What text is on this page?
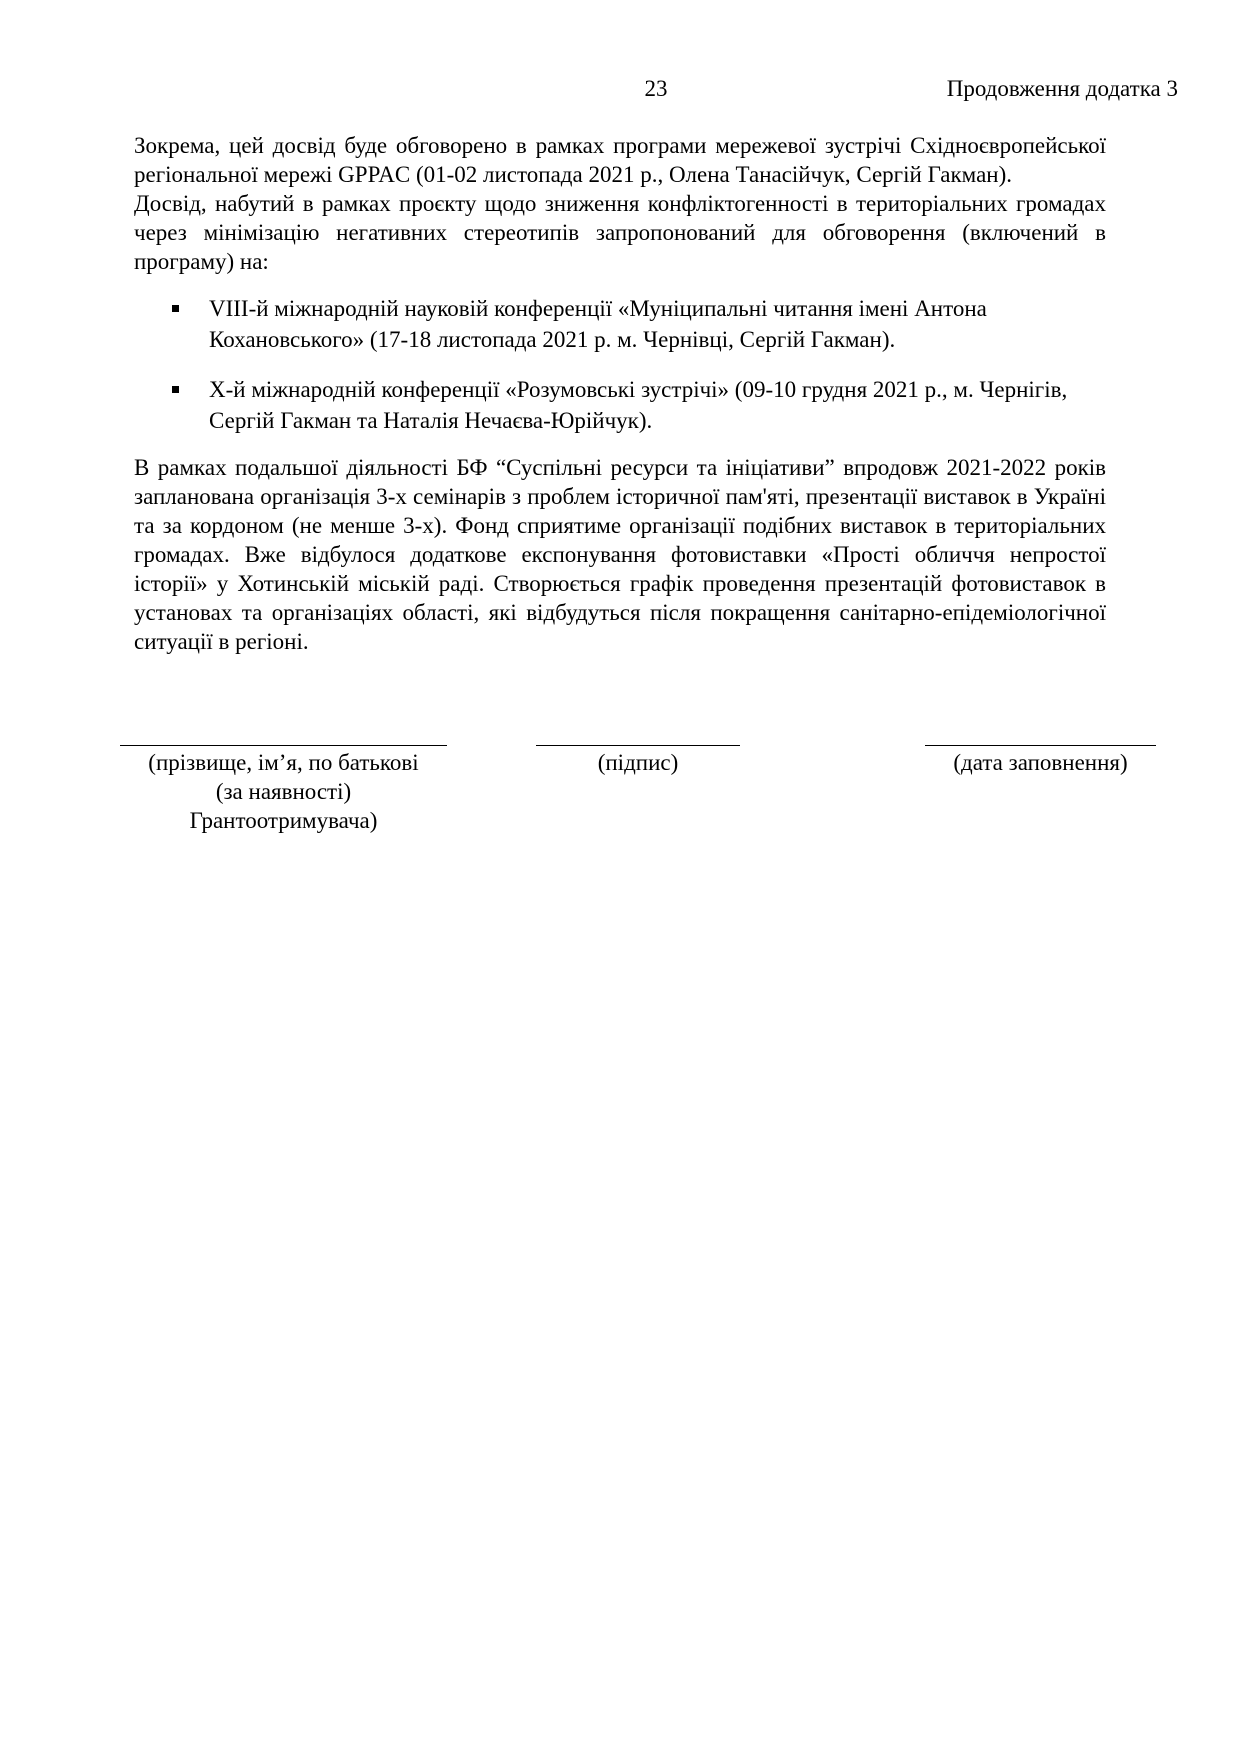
23	Продовження додатка 3

Зокрема, цей досвід буде обговорено в рамках програми мережевої зустрічі Східноєвропейської регіональної мережі GPPAC (01-02 листопада 2021 р., Олена Танасійчук, Сергій Гакман).

Досвід, набутий в рамках проєкту щодо зниження конфліктогенності в територіальних громадах через мінімізацію негативних стереотипів запропонований для обговорення (включений в програму) на:

VIII-й міжнародній науковій конференції «Муніципальні читання імені Антона
Кохановського» (17-18 листопада 2021 р. м. Чернівці, Сергій Гакман).
Х-й міжнародній конференції «Розумовські зустрічі» (09-10 грудня 2021 р., м. Чернігів,
Сергій Гакман та Наталія Нечаєва-Юрійчук).

В рамках подальшої діяльності БФ “Суспільні ресурси та ініціативи” впродовж 2021-2022 років запланована організація 3-х семінарів з проблем історичної пам'яті, презентації виставок в Україні та за кордоном (не менше 3-х). Фонд сприятиме організації подібних виставок в територіальних громадах. Вже відбулося додаткове експонування фотовиставки «Прості обличчя непростої історії» у Хотинській міській раді. Створюється графік проведення презентацій фотовиставок в установах та організаціях області, які відбудуться після покращення санітарно-епідеміологічної ситуації в регіоні.

(прізвище, ім’я, по батькові
(за наявності)
Грантоотримувача)
(підпис)	(дата заповнення)
